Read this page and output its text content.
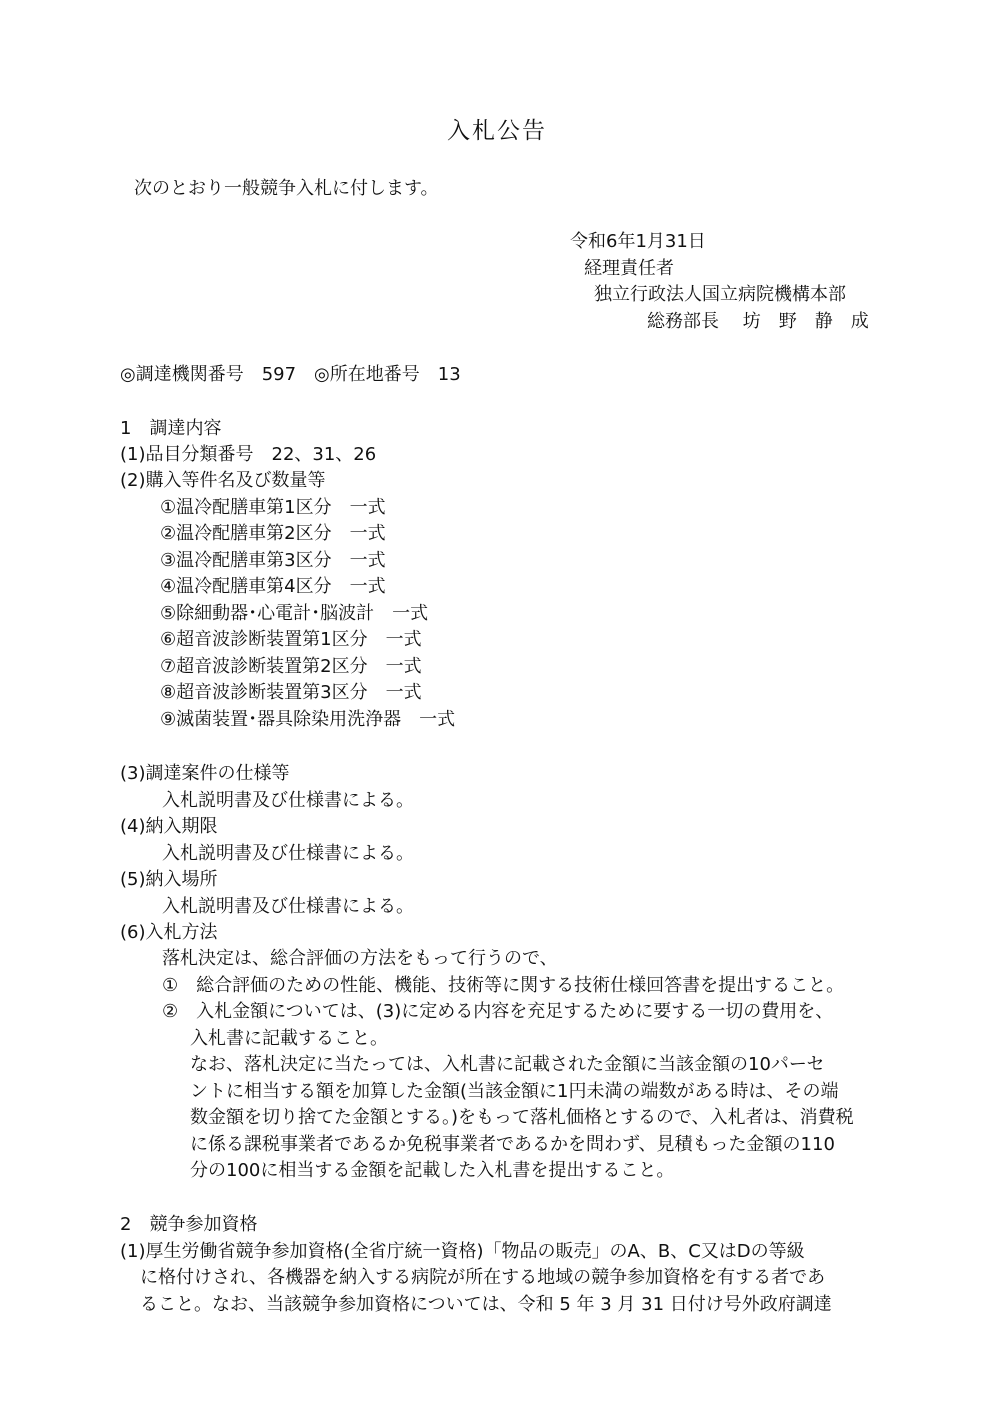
入札公告

次のとおり一般競争入札に付します。

令和6年1月31日

経理責任者

独立行政法人国立病院機構本部

総務部長　 坊　野　静　成

◎調達機関番号　597　◎所在地番号　13

1　調達内容

(1)品目分類番号　22、31、26

(2)購入等件名及び数量等

①温冷配膳車第1区分　一式

②温冷配膳車第2区分　一式

③温冷配膳車第3区分　一式

④温冷配膳車第4区分　一式

⑤除細動器･心電計･脳波計　一式

⑥超音波診断装置第1区分　一式

⑦超音波診断装置第2区分　一式

⑧超音波診断装置第3区分　一式

⑨滅菌装置･器具除染用洗浄器　一式

(3)調達案件の仕様等

入札説明書及び仕様書による。

(4)納入期限

入札説明書及び仕様書による。

(5)納入場所

入札説明書及び仕様書による。

(6)入札方法

落札決定は、総合評価の方法をもって行うので、

①　総合評価のための性能、機能、技術等に関する技術仕様回答書を提出すること。

②　入札金額については、(3)に定める内容を充足するために要する一切の費用を、

入札書に記載すること。

なお、落札決定に当たっては、入札書に記載された金額に当該金額の10パーセ

ントに相当する額を加算した金額(当該金額に1円未満の端数がある時は、その端

数金額を切り捨てた金額とする。)をもって落札価格とするので、入札者は、消費税

に係る課税事業者であるか免税事業者であるかを問わず、見積もった金額の110

分の100に相当する金額を記載した入札書を提出すること。

2　競争参加資格

(1)厚生労働省競争参加資格(全省庁統一資格)「物品の販売」のA、B、C又はDの等級

に格付けされ、各機器を納入する病院が所在する地域の競争参加資格を有する者であ

ること。なお、当該競争参加資格については、令和 5 年 3 月 31 日付け号外政府調達
